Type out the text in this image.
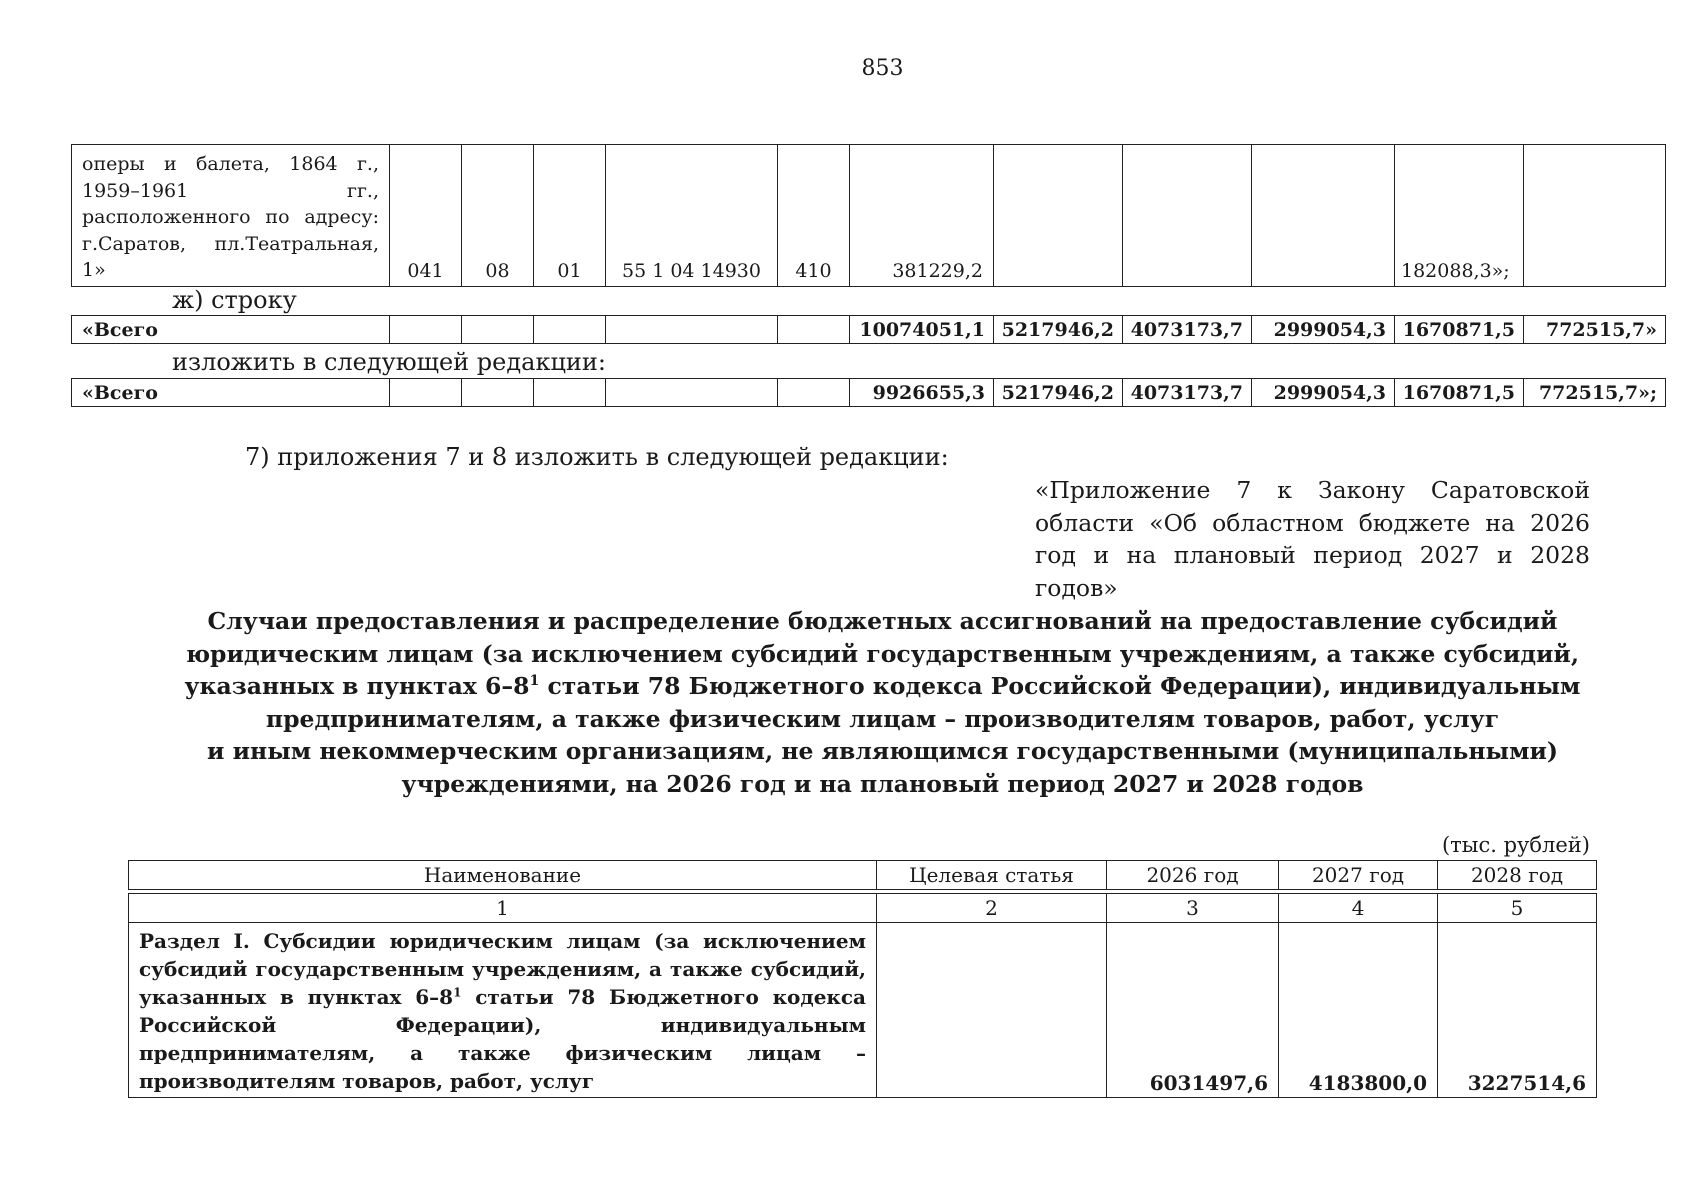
853
оперы и балета, 1864 г., 1959–1961 гг., расположенного по адресу: г.Саратов, пл.Театральная, 1»	041	08	01	55 1 04 14930	410	381229,2				182088,3»;	
ж) строку
«Всего						10074051,1	5217946,2	4073173,7	2999054,3	1670871,5	772515,7»
изложить в следующей редакции:
«Всего						9926655,3	5217946,2	4073173,7	2999054,3	1670871,5	772515,7»;
7) приложения 7 и 8 изложить в следующей редакции:
«Приложение 7 к Закону Саратовской области «Об областном бюджете на 2026 год и на плановый период 2027 и 2028 годов»
Случаи предоставления и распределение бюджетных ассигнований на предоставление субсидий
юридическим лицам (за исключением субсидий государственным учреждениям, а также субсидий,
указанных в пунктах $6-8^1$ статьи 78 Бюджетного кодекса Российской Федерации), индивидуальным
предпринимателям, а также физическим лицам – производителям товаров, работ, услуг
и иным некоммерческим организациям, не являющимся государственными (муниципальными)
учреждениями, на 2026 год и на плановый период 2027 и 2028 годов
(тыс. рублей)
Наименование	Целевая статья	2026 год	2027 год	2028 год

1	2	3	4	5
Раздел I. Субсидии юридическим лицам (за исключением субсидий государственным учреждениям, а также субсидий, указанных в пунктах $6-8^1$ статьи 78 Бюджетного кодекса Российской Федерации), индивидуальным предпринимателям, а также физическим лицам – производителям товаров, работ, услуг		6031497,6	4183800,0	3227514,6
